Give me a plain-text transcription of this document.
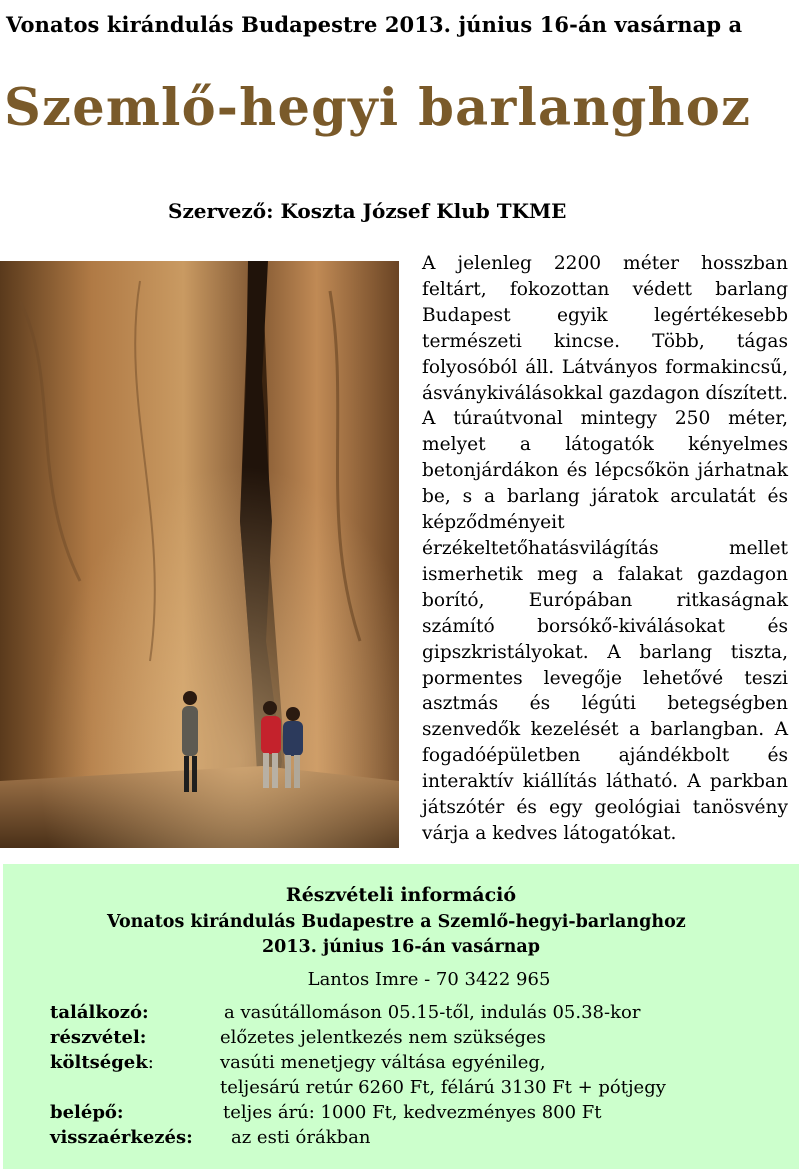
Vonatos kirándulás Budapestre 2013. június 16-án vasárnap a
Szemlő-hegyi barlanghoz
Szervező: Koszta József Klub TKME

A jelenleg 2200 méter hosszban feltárt, fokozottan védett barlang Budapest egyik legértékesebb természeti kincse. Több, tágas folyosóból áll. Látványos formakincsű, ásványkiválásokkal gazdagon díszített. A túraútvonal mintegy 250 méter, melyet a látogatók kényelmes betonjárdákon és lépcsőkön járhatnak be, s a barlang járatok arculatát és képződményeit érzékeltetőhatásvilágítás mellet ismerhetik meg a falakat gazdagon borító, Európában ritkaságnak számító borsókő-kiválásokat és gipszkristályokat. A barlang tiszta, pormentes levegője lehetővé teszi asztmás és légúti betegségben szenvedők kezelését a barlangban. A fogadóépületben ajándékbolt és interaktív kiállítás látható. A parkban játszótér és egy geológiai tanösvény várja a kedves látogatókat.

Részvételi információ
Vonatos kirándulás Budapestre a Szemlő-hegyi-barlanghoz
2013. június 16-án vasárnap
Lantos Imre - 70 3422 965
találkozó:	a vasútállomáson 05.15-től, indulás 05.38-kor
részvétel:	előzetes jelentkezés nem szükséges
költségek:	vasúti menetjegy váltása egyénileg,
teljesárú retúr 6260 Ft, félárú 3130 Ft + pótjegy
belépő:	teljes árú: 1000 Ft, kedvezményes 800 Ft
visszaérkezés: az esti órákban
